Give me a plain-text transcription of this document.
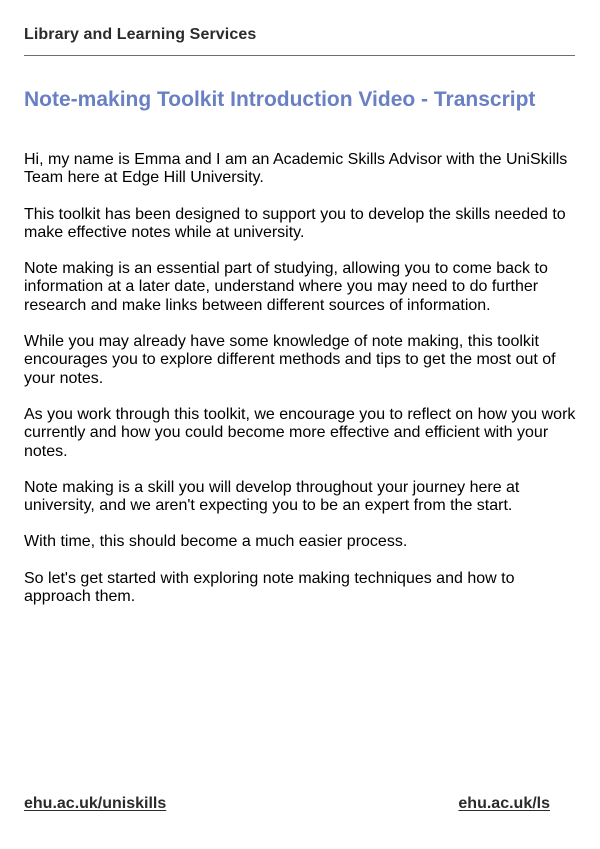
Library and Learning Services
Note-making Toolkit Introduction Video - Transcript

Hi, my name is Emma and I am an Academic Skills Advisor with the UniSkills Team here at Edge Hill University.

This toolkit has been designed to support you to develop the skills needed to make effective notes while at university.

Note making is an essential part of studying, allowing you to come back to information at a later date, understand where you may need to do further research and make links between different sources of information.

While you may already have some knowledge of note making, this toolkit encourages you to explore different methods and tips to get the most out of your notes.

As you work through this toolkit, we encourage you to reflect on how you work currently and how you could become more effective and efficient with your notes.

Note making is a skill you will develop throughout your journey here at university, and we aren't expecting you to be an expert from the start.

With time, this should become a much easier process.

So let's get started with exploring note making techniques and how to approach them.

ehu.ac.uk/uniskills	ehu.ac.uk/ls
